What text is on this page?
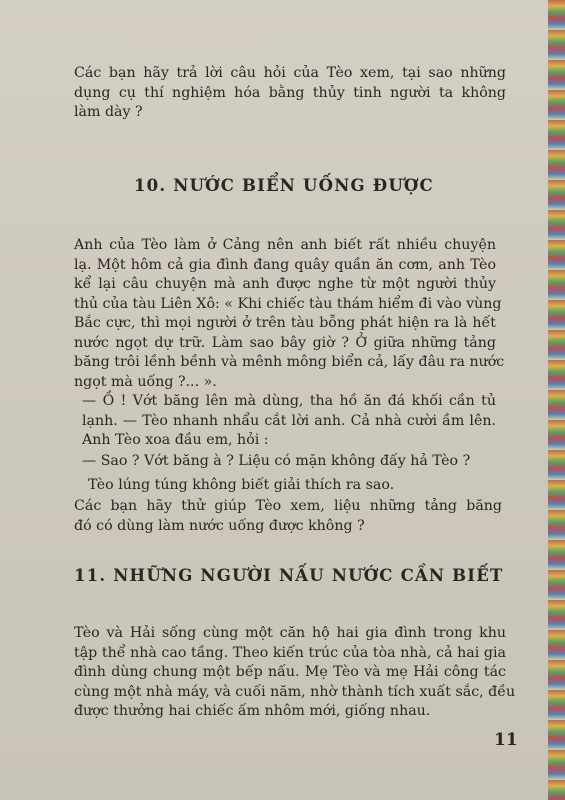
Các bạn hãy trả lời câu hỏi của Tèo xem, tại sao những
dụng cụ thí nghiệm hóa bằng thủy tinh người ta không
làm dày ?
10. NƯỚC BIỂN UỐNG ĐƯỢC
Anh của Tèo làm ở Cảng nên anh biết rất nhiều chuyện
lạ. Một hôm cả gia đình đang quây quần ăn cơm, anh Tèo
kể lại câu chuyện mà anh được nghe từ một người thủy
thủ của tàu Liên Xô: « Khi chiếc tàu thám hiểm đi vào vùng
Bắc cực, thì mọi người ở trên tàu bỗng phát hiện ra là hết
nước ngọt dự trữ. Làm sao bây giờ ? Ở giữa những tảng
băng trôi lềnh bềnh và mênh mông biển cả, lấy đâu ra nước
ngọt mà uống ?... ».
— Ồ ! Vớt băng lên mà dùng, tha hồ ăn đá khối cần tủ
lạnh. — Tèo nhanh nhẩu cắt lời anh. Cả nhà cười ầm lên.
Anh Tèo xoa đầu em, hỏi :
— Sao ? Vớt băng à ? Liệu có mặn không đấy hả Tèo ?
Tèo lúng túng không biết giải thích ra sao.
Các bạn hãy thử giúp Tèo xem, liệu những tảng băng
đó có dùng làm nước uống được không ?
11. NHỮNG NGƯỜI NẤU NƯỚC CẦN BIẾT
Tèo và Hải sống cùng một căn hộ hai gia đình trong khu
tập thể nhà cao tầng. Theo kiến trúc của tòa nhà, cả hai gia
đình dùng chung một bếp nấu. Mẹ Tèo và mẹ Hải công tác
cùng một nhà máy, và cuối năm, nhờ thành tích xuất sắc, đều
được thưởng hai chiếc ấm nhôm mới, giống nhau.
11
